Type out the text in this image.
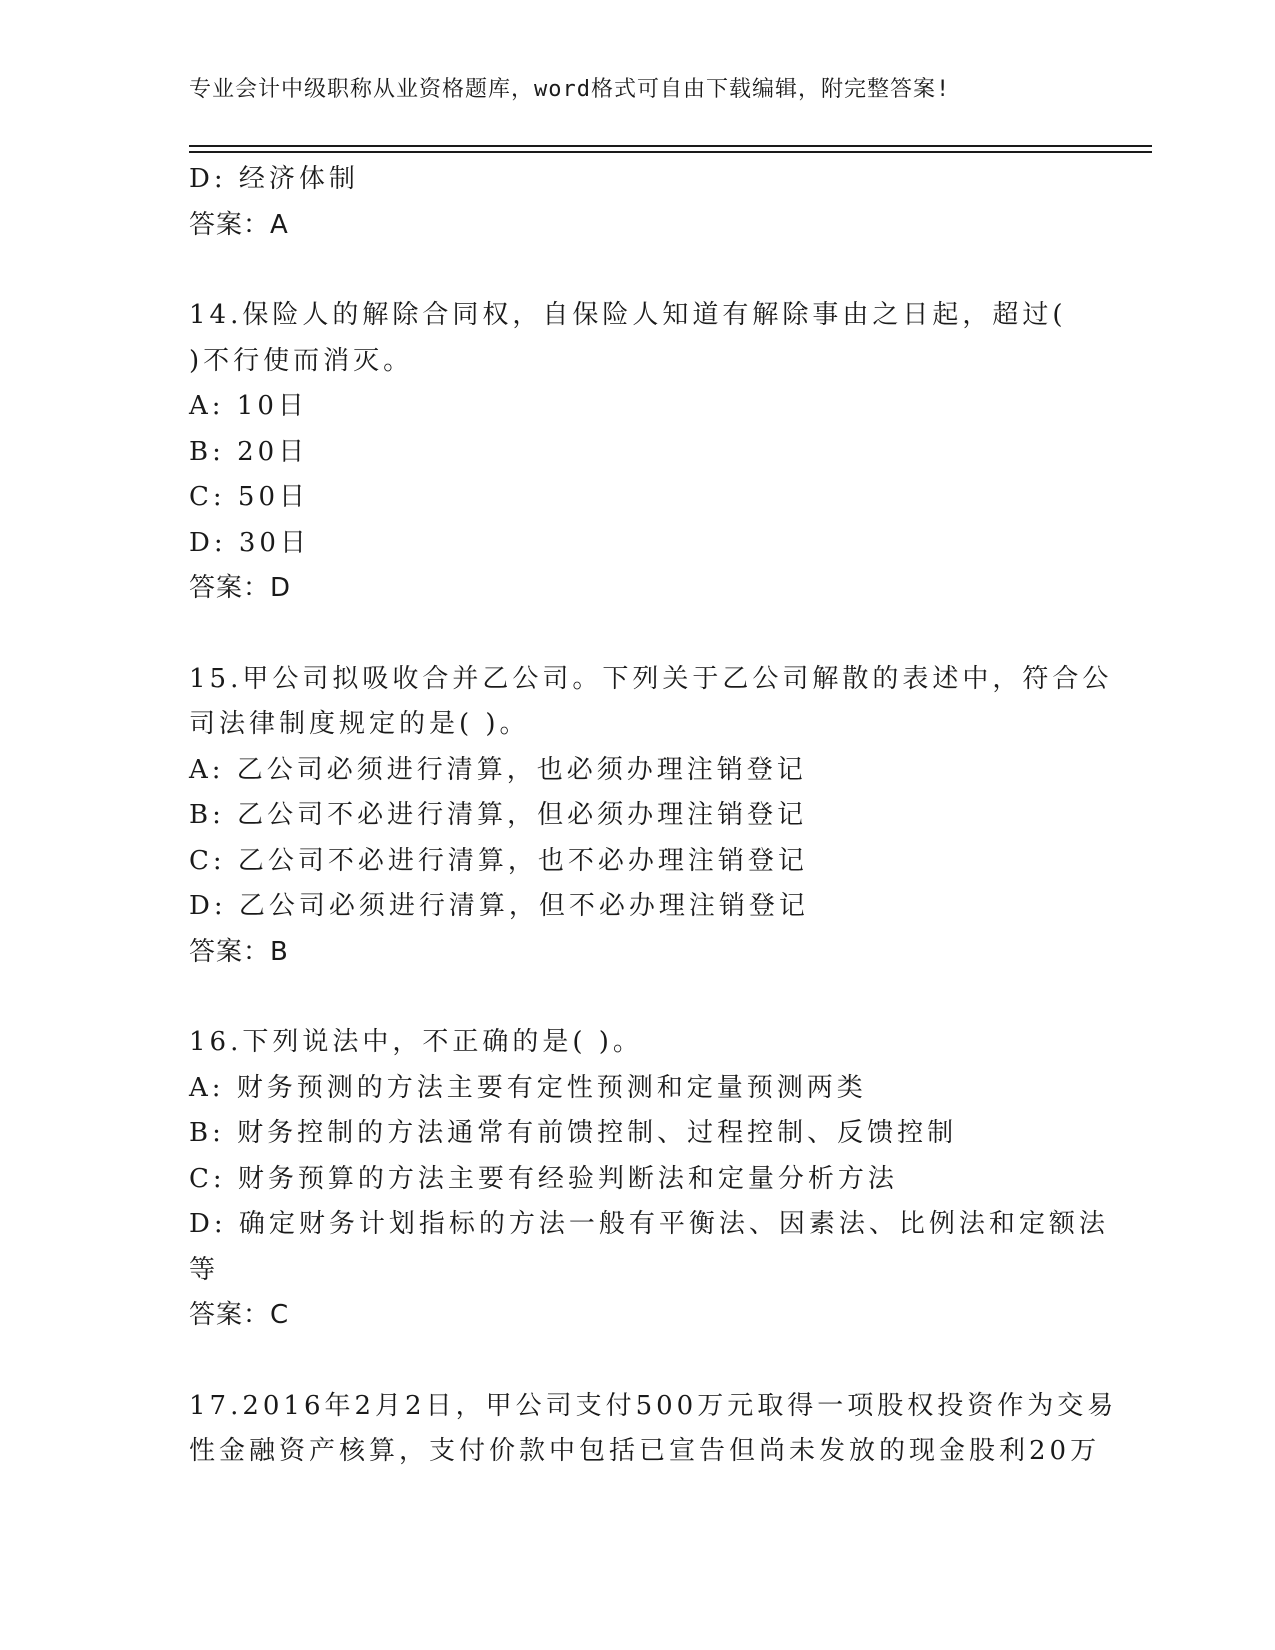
专业会计中级职称从业资格题库，word格式可自由下载编辑，附完整答案!
D: 经济体制
答案：A
14.保险人的解除合同权，自保险人知道有解除事由之日起，超过(
)不行使而消灭。
A: 10日
B: 20日
C: 50日
D: 30日
答案：D
15.甲公司拟吸收合并乙公司。下列关于乙公司解散的表述中，符合公
司法律制度规定的是( )。
A: 乙公司必须进行清算，也必须办理注销登记
B: 乙公司不必进行清算，但必须办理注销登记
C: 乙公司不必进行清算，也不必办理注销登记
D: 乙公司必须进行清算，但不必办理注销登记
答案：B
16.下列说法中，不正确的是( )。
A: 财务预测的方法主要有定性预测和定量预测两类
B: 财务控制的方法通常有前馈控制、过程控制、反馈控制
C: 财务预算的方法主要有经验判断法和定量分析方法
D: 确定财务计划指标的方法一般有平衡法、因素法、比例法和定额法
等
答案：C
17.2016年2月2日，甲公司支付500万元取得一项股权投资作为交易
性金融资产核算，支付价款中包括已宣告但尚未发放的现金股利20万
